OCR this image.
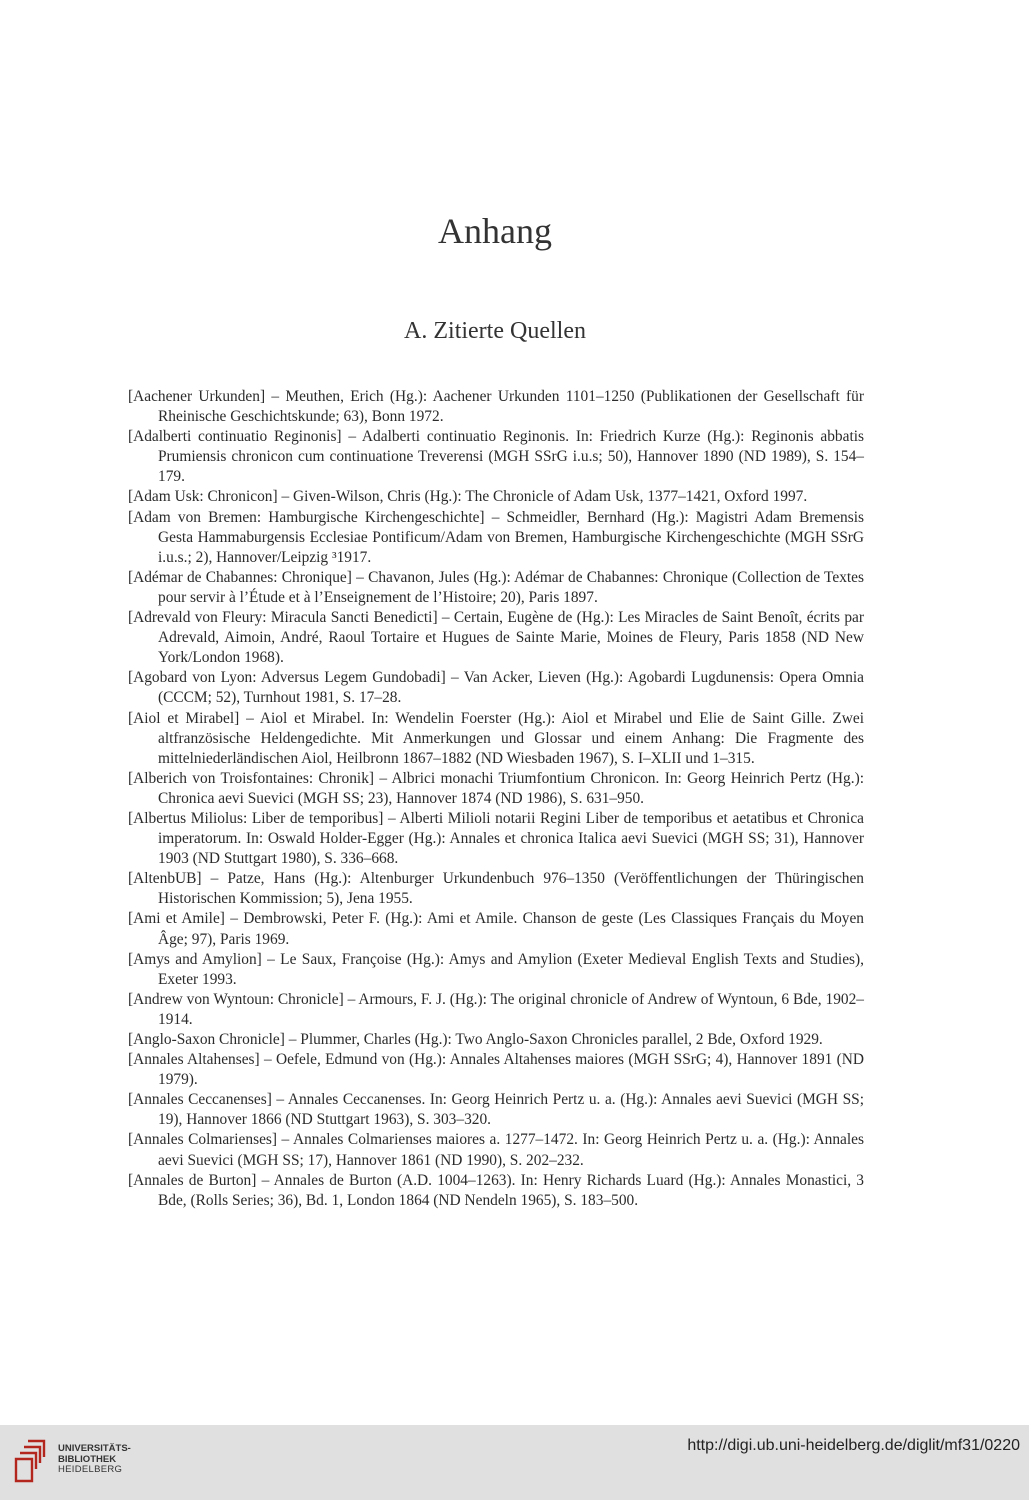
Anhang
A. Zitierte Quellen
[Aachener Urkunden] – Meuthen, Erich (Hg.): Aachener Urkunden 1101–1250 (Publikationen der Gesellschaft für Rheinische Geschichtskunde; 63), Bonn 1972.
[Adalberti continuatio Reginonis] – Adalberti continuatio Reginonis. In: Friedrich Kurze (Hg.): Reginonis abbatis Prumiensis chronicon cum continuatione Treverensi (MGH SSrG i.u.s; 50), Hannover 1890 (ND 1989), S. 154–179.
[Adam Usk: Chronicon] – Given-Wilson, Chris (Hg.): The Chronicle of Adam Usk, 1377–1421, Oxford 1997.
[Adam von Bremen: Hamburgische Kirchengeschichte] – Schmeidler, Bernhard (Hg.): Magistri Adam Bremensis Gesta Hammaburgensis Ecclesiae Pontificum/Adam von Bremen, Hamburgische Kirchengeschichte (MGH SSrG i.u.s.; 2), Hannover/Leipzig ³1917.
[Adémar de Chabannes: Chronique] – Chavanon, Jules (Hg.): Adémar de Chabannes: Chronique (Collection de Textes pour servir à l’Étude et à l’Enseignement de l’Histoire; 20), Paris 1897.
[Adrevald von Fleury: Miracula Sancti Benedicti] – Certain, Eugène de (Hg.): Les Miracles de Saint Benoît, écrits par Adrevald, Aimoin, André, Raoul Tortaire et Hugues de Sainte Marie, Moines de Fleury, Paris 1858 (ND New York/London 1968).
[Agobard von Lyon: Adversus Legem Gundobadi] – Van Acker, Lieven (Hg.): Agobardi Lugdunensis: Opera Omnia (CCCM; 52), Turnhout 1981, S. 17–28.
[Aiol et Mirabel] – Aiol et Mirabel. In: Wendelin Foerster (Hg.): Aiol et Mirabel und Elie de Saint Gille. Zwei altfranzösische Heldengedichte. Mit Anmerkungen und Glossar und einem Anhang: Die Fragmente des mittelniederländischen Aiol, Heilbronn 1867–1882 (ND Wiesbaden 1967), S. I–XLII und 1–315.
[Alberich von Troisfontaines: Chronik] – Albrici monachi Triumfontium Chronicon. In: Georg Heinrich Pertz (Hg.): Chronica aevi Suevici (MGH SS; 23), Hannover 1874 (ND 1986), S. 631–950.
[Albertus Miliolus: Liber de temporibus] – Alberti Milioli notarii Regini Liber de temporibus et aetatibus et Chronica imperatorum. In: Oswald Holder-Egger (Hg.): Annales et chronica Italica aevi Suevici (MGH SS; 31), Hannover 1903 (ND Stuttgart 1980), S. 336–668.
[AltenbUB] – Patze, Hans (Hg.): Altenburger Urkundenbuch 976–1350 (Veröffentlichungen der Thüringischen Historischen Kommission; 5), Jena 1955.
[Ami et Amile] – Dembrowski, Peter F. (Hg.): Ami et Amile. Chanson de geste (Les Classiques Français du Moyen Âge; 97), Paris 1969.
[Amys and Amylion] – Le Saux, Françoise (Hg.): Amys and Amylion (Exeter Medieval English Texts and Studies), Exeter 1993.
[Andrew von Wyntoun: Chronicle] – Armours, F. J. (Hg.): The original chronicle of Andrew of Wyntoun, 6 Bde, 1902–1914.
[Anglo-Saxon Chronicle] – Plummer, Charles (Hg.): Two Anglo-Saxon Chronicles parallel, 2 Bde, Oxford 1929.
[Annales Altahenses] – Oefele, Edmund von (Hg.): Annales Altahenses maiores (MGH SSrG; 4), Hannover 1891 (ND 1979).
[Annales Ceccanenses] – Annales Ceccanenses. In: Georg Heinrich Pertz u. a. (Hg.): Annales aevi Suevici (MGH SS; 19), Hannover 1866 (ND Stuttgart 1963), S. 303–320.
[Annales Colmarienses] – Annales Colmarienses maiores a. 1277–1472. In: Georg Heinrich Pertz u. a. (Hg.): Annales aevi Suevici (MGH SS; 17), Hannover 1861 (ND 1990), S. 202–232.
[Annales de Burton] – Annales de Burton (A.D. 1004–1263). In: Henry Richards Luard (Hg.): Annales Monastici, 3 Bde, (Rolls Series; 36), Bd. 1, London 1864 (ND Nendeln 1965), S. 183–500.
UNIVERSITÄTS-
BIBLIOTHEK
HEIDELBERG
http://digi.ub.uni-heidelberg.de/diglit/mf31/0220
